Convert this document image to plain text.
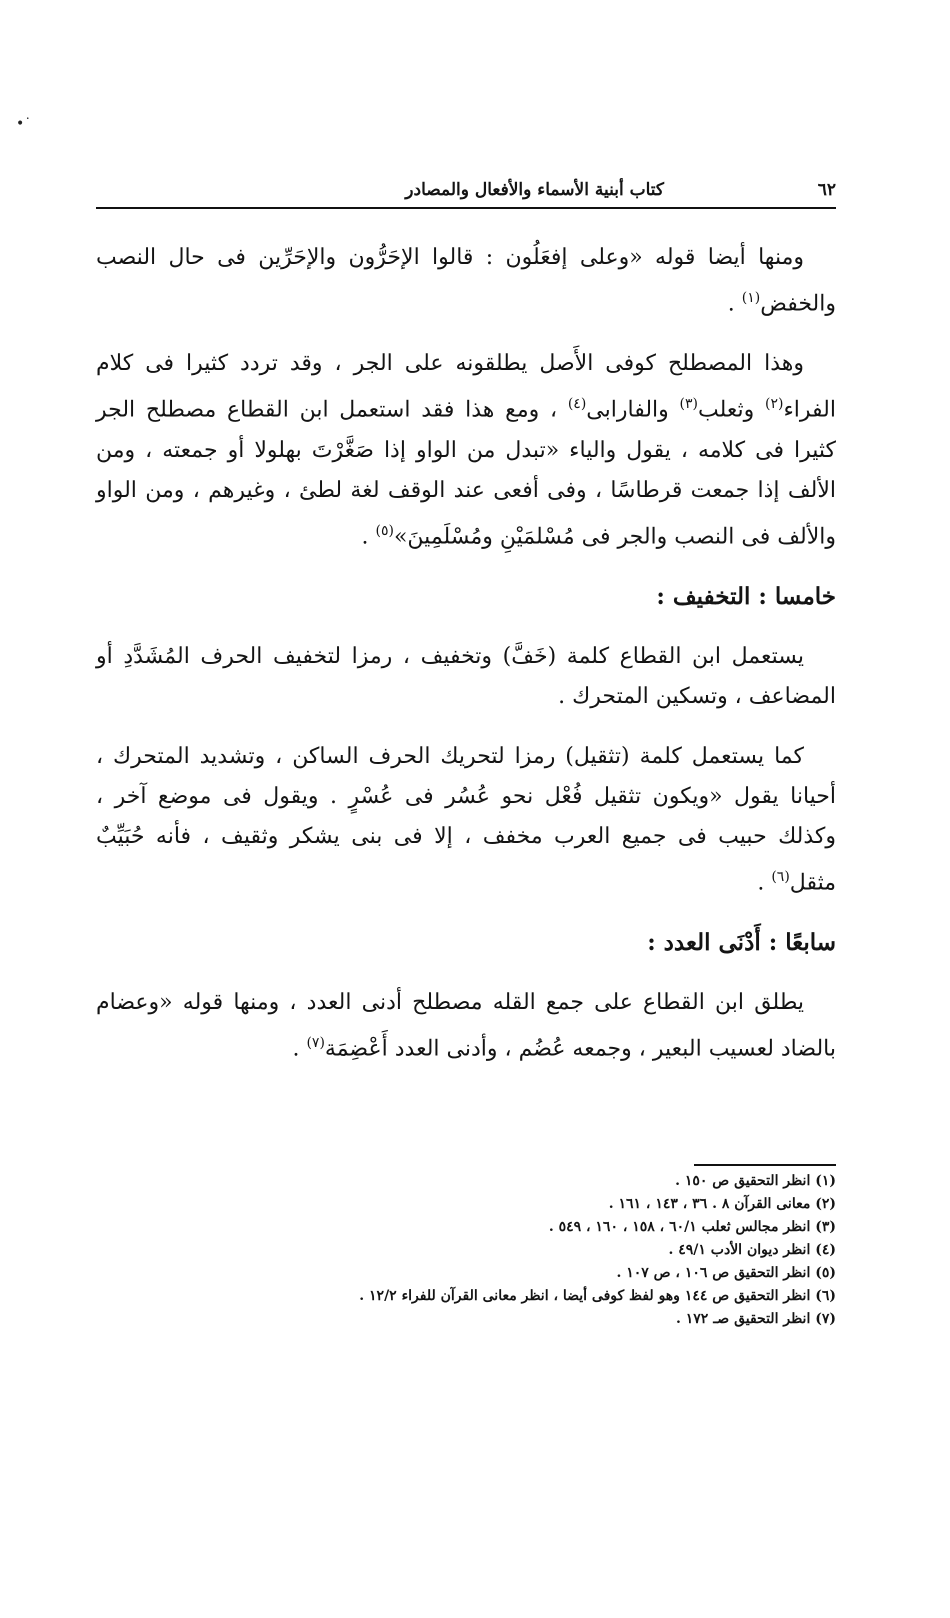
•˙
٦٢
كتاب أبنية الأسماء والأفعال والمصادر

ومنها أيضا قوله «وعلى إفعَلُون : قالوا الإحَرُّون والإحَرِّين فى حال النصب والخفض$^{(١)}$ .

وهذا المصطلح كوفى الأَصل يطلقونه على الجر ، وقد تردد كثيرا فى كلام الفراء$^{(٢)}$ وثعلب$^{(٣)}$ والفارابى$^{(٤)}$ ، ومع هذا فقد استعمل ابن القطاع مصطلح الجر كثيرا فى كلامه ، يقول والياء «تبدل من الواو إذا صَغَّرْتَ بهلولا أو جمعته ، ومن الألف إذا جمعت قرطاسًا ، وفى أفعى عند الوقف لغة لطئ ، وغيرهم ، ومن الواو والألف فى النصب والجر فى مُسْلمَيْنِ ومُسْلَمِينَ»$^{(٥)}$ .

خامسا : التخفيف :

يستعمل ابن القطاع كلمة (خَفَّ) وتخفيف ، رمزا لتخفيف الحرف المُشَدَّدِ أو المضاعف ، وتسكين المتحرك .

كما يستعمل كلمة (تثقيل) رمزا لتحريك الحرف الساكن ، وتشديد المتحرك ، أحيانا يقول «ويكون تثقيل فُعْل نحو عُسُر فى عُسْرٍ . ويقول فى موضع آخر ، وكذلك حبيب فى جميع العرب مخفف ، إلا فى بنى يشكر وثقيف ، فأنه حُبَيِّبٌ مثقل$^{(٦)}$ .

سابعًا : أَدْنَى العدد :

يطلق ابن القطاع على جمع القله مصطلح أدنى العدد ، ومنها قوله «وعضام بالضاد لعسيب البعير ، وجمعه عُضُم ، وأدنى العدد أَعْضِمَة$^{(٧)}$ .

(١) انظر التحقيق ص ١٥٠ .
(٢) معانى القرآن ٨ . ٣٦ ، ١٤٣ ، ١٦١ .
(٣) انظر مجالس ثعلب ٦٠/١ ، ١٥٨ ، ١٦٠ ، ٥٤٩ .
(٤) انظر ديوان الأدب ٤٩/١ .
(٥) انظر التحقيق ص ١٠٦ ، ص ١٠٧ .
(٦) انظر التحقيق ص ١٤٤ وهو لفظ كوفى أيضا ، انظر معانى القرآن للفراء ١٢/٢ .
(٧) انظر التحقيق صـ ١٧٢ .
